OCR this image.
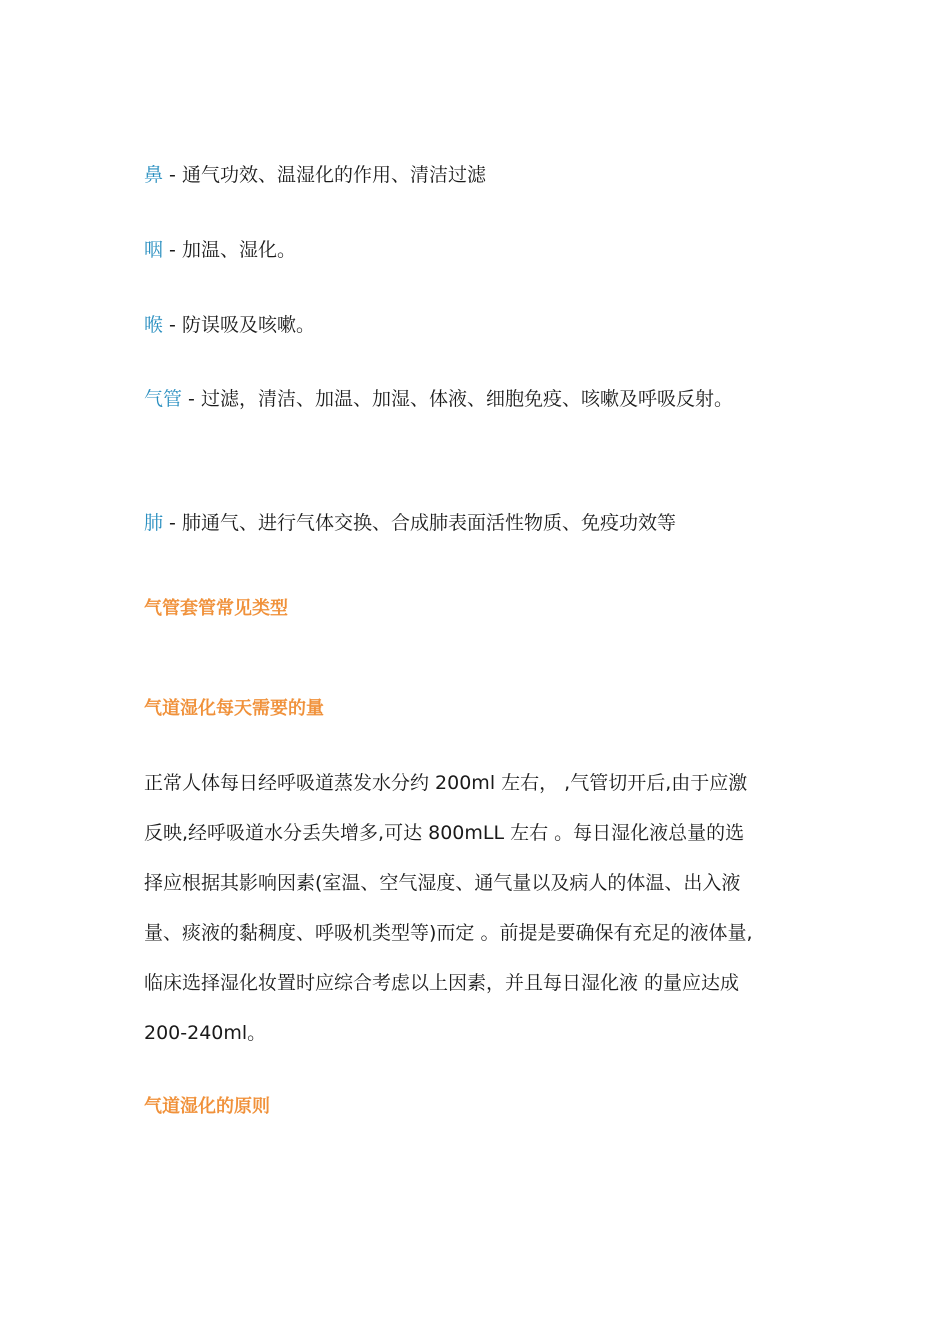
鼻 - 通气功效、温湿化的作用、清洁过滤
咽 - 加温、湿化。
喉 - 防误吸及咳嗽。
气管 - 过滤，清洁、加温、加湿、体液、细胞免疫、咳嗽及呼吸反射。
肺 - 肺通气、进行气体交换、合成肺表面活性物质、免疫功效等
气管套管常见类型
气道湿化每天需要的量
正常人体每日经呼吸道蒸发水分约 200ml 左右， ,气管切开后,由于应激
反映,经呼吸道水分丢失增多,可达 800mLL 左右 。每日湿化液总量的选
择应根据其影响因素(室温、空气湿度、通气量以及病人的体温、出入液
量、痰液的黏稠度、呼吸机类型等)而定 。前提是要确保有充足的液体量,
临床选择湿化妆置时应综合考虑以上因素，并且每日湿化液 的量应达成
200-240ml。
气道湿化的原则
